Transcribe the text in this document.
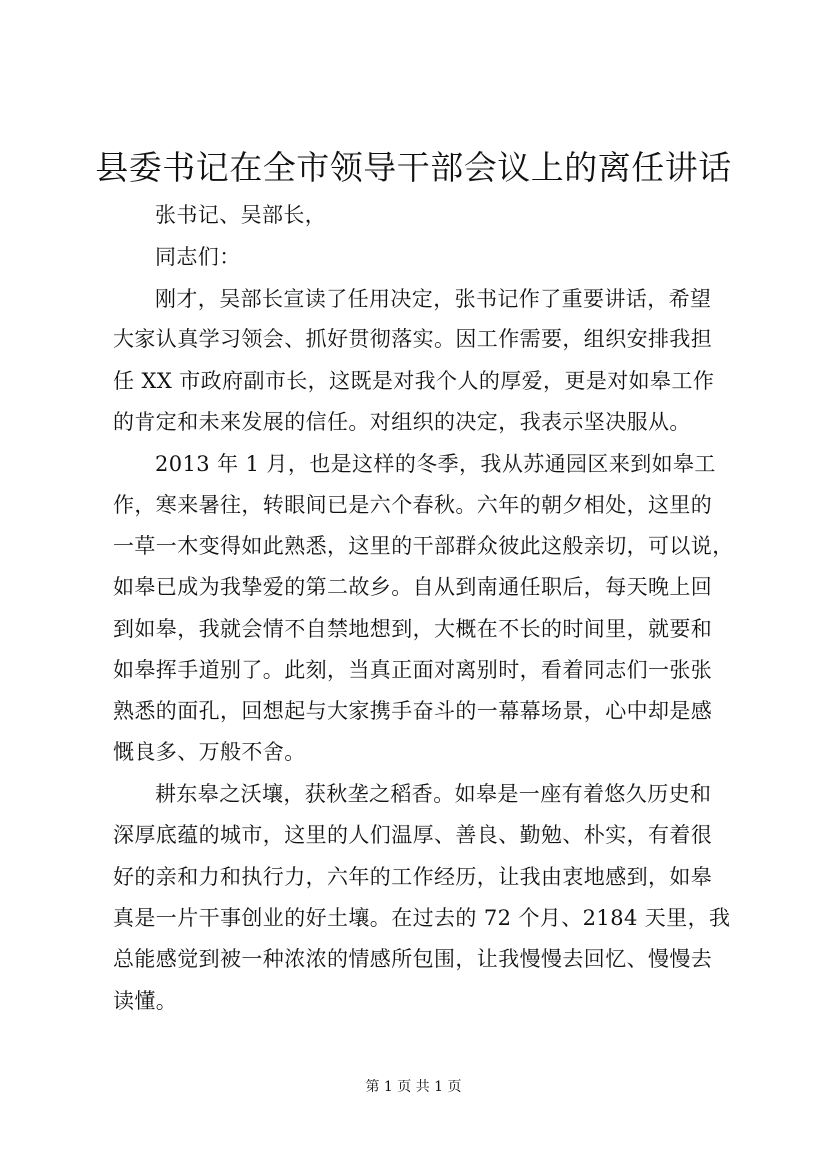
县委书记在全市领导干部会议上的离任讲话
张书记、吴部长，
同志们：
刚才，吴部长宣读了任用决定，张书记作了重要讲话，希望
大家认真学习领会、抓好贯彻落实。因工作需要，组织安排我担
任 XX 市政府副市长，这既是对我个人的厚爱，更是对如皋工作
的肯定和未来发展的信任。对组织的决定，我表示坚决服从。
2013 年 1 月，也是这样的冬季，我从苏通园区来到如皋工
作，寒来暑往，转眼间已是六个春秋。六年的朝夕相处，这里的
一草一木变得如此熟悉，这里的干部群众彼此这般亲切，可以说，
如皋已成为我挚爱的第二故乡。自从到南通任职后，每天晚上回
到如皋，我就会情不自禁地想到，大概在不长的时间里，就要和
如皋挥手道别了。此刻，当真正面对离别时，看着同志们一张张
熟悉的面孔，回想起与大家携手奋斗的一幕幕场景，心中却是感
慨良多、万般不舍。
耕东皋之沃壤，获秋垄之稻香。如皋是一座有着悠久历史和
深厚底蕴的城市，这里的人们温厚、善良、勤勉、朴实，有着很
好的亲和力和执行力，六年的工作经历，让我由衷地感到，如皋
真是一片干事创业的好土壤。在过去的 72 个月、2184 天里，我
总能感觉到被一种浓浓的情感所包围，让我慢慢去回忆、慢慢去
读懂。
第 1 页 共 1 页
